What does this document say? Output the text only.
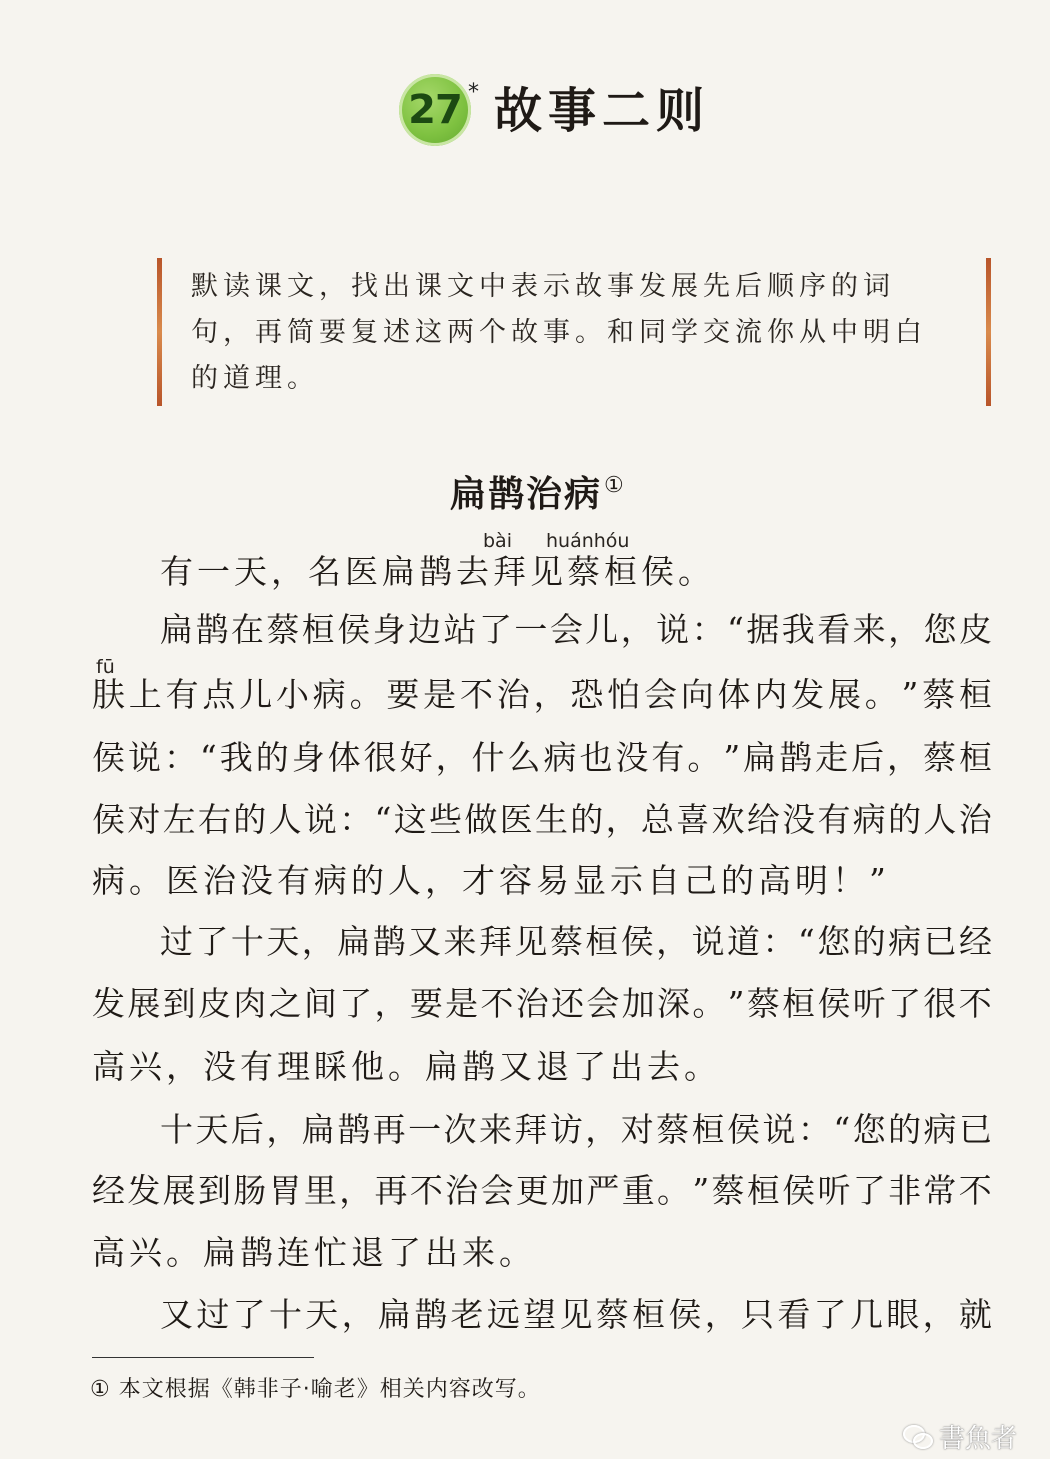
27 * 故事二则
默读课文，找出课文中表示故事发展先后顺序的词句，再简要复述这两个故事。和同学交流你从中明白的道理。
扁鹊治病①
bài huánhóu
fū
有一天，名医扁鹊去拜见蔡桓侯。
扁 鹊 在 蔡 桓 侯 身 边 站 了 一 会 儿 ， 说 ： “ 据 我 看 来 ， 您 皮
肤 上 有 点 儿 小 病 。 要 是 不 治 ， 恐 怕 会 向 体 内 发 展 。 ” 蔡 桓
侯 说 ： “ 我 的 身 体 很 好 ， 什 么 病 也 没 有 。 ” 扁 鹊 走 后 ， 蔡 桓
侯 对 左 右 的 人 说 ： “ 这 些 做 医 生 的 ， 总 喜 欢 给 没 有 病 的 人 治
病。医治没有病的人，才容易显示自己的高明！”
过 了 十 天 ， 扁 鹊 又 来 拜 见 蔡 桓 侯 ， 说 道 ： “ 您 的 病 已 经
发 展 到 皮 肉 之 间 了 ， 要 是 不 治 还 会 加 深 。 ” 蔡 桓 侯 听 了 很 不
高兴，没有理睬他。扁鹊又退了出去。
十 天 后 ， 扁 鹊 再 一 次 来 拜 访 ， 对 蔡 桓 侯 说 ： “ 您 的 病 已
经 发 展 到 肠 胃 里 ， 再 不 治 会 更 加 严 重 。 ” 蔡 桓 侯 听 了 非 常 不
高兴。扁鹊连忙退了出来。
又 过 了 十 天 ， 扁 鹊 老 远 望 见 蔡 桓 侯 ， 只 看 了 几 眼 ， 就
① 本文根据《韩非子·喻老》相关内容改写。
書魚者
